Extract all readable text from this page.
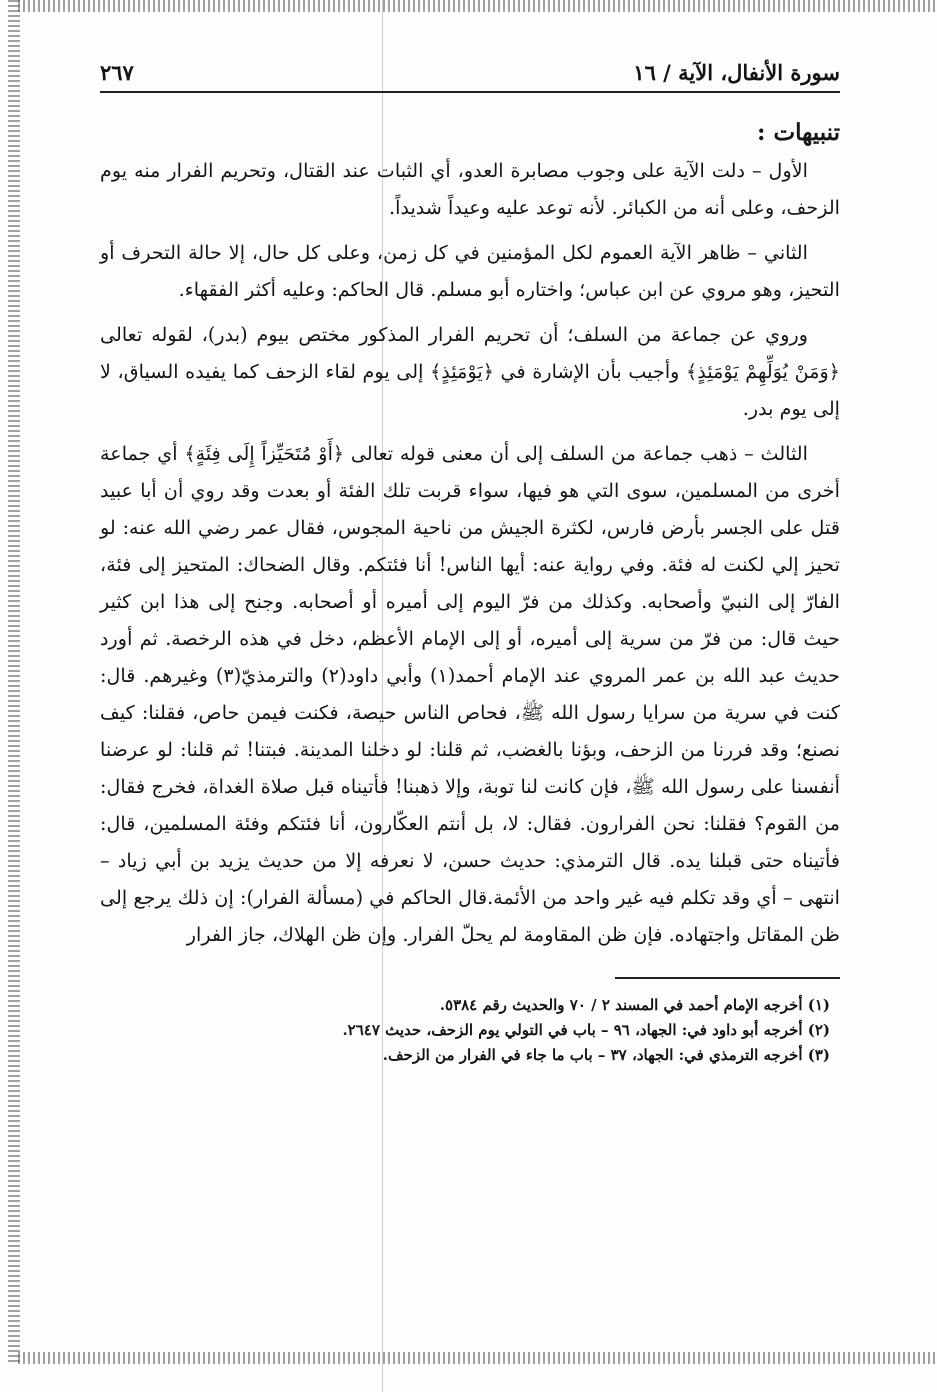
سورة الأنفال، الآية / ١٦
٢٦٧
تنبيهات :

الأول – دلت الآية على وجوب مصابرة العدو، أي الثبات عند القتال، وتحريم الفرار منه يوم الزحف، وعلى أنه من الكبائر. لأنه توعد عليه وعيداً شديداً.

الثاني – ظاهر الآية العموم لكل المؤمنين في كل زمن، وعلى كل حال، إلا حالة التحرف أو التحيز، وهو مروي عن ابن عباس؛ واختاره أبو مسلم. قال الحاكم: وعليه أكثر الفقهاء.

وروي عن جماعة من السلف؛ أن تحريم الفرار المذكور مختص بيوم (بدر)، لقوله تعالى ﴿وَمَنْ يُوَلِّهِمْ يَوْمَئِذٍ﴾ وأجيب بأن الإشارة في ﴿يَوْمَئِذٍ﴾ إلى يوم لقاء الزحف كما يفيده السياق، لا إلى يوم بدر.

الثالث – ذهب جماعة من السلف إلى أن معنى قوله تعالى ﴿أَوْ مُتَحَيِّزاً إِلَى فِئَةٍ﴾ أي جماعة أخرى من المسلمين، سوى التي هو فيها، سواء قربت تلك الفئة أو بعدت وقد روي أن أبا عبيد قتل على الجسر بأرض فارس، لكثرة الجيش من ناحية المجوس، فقال عمر رضي الله عنه: لو تحيز إلي لكنت له فئة. وفي رواية عنه: أيها الناس! أنا فئتكم. وقال الضحاك: المتحيز إلى فئة، الفارّ إلى النبيّ وأصحابه. وكذلك من فرّ اليوم إلى أميره أو أصحابه. وجنح إلى هذا ابن كثير حيث قال: من فرّ من سرية إلى أميره، أو إلى الإمام الأعظم، دخل في هذه الرخصة. ثم أورد حديث عبد الله بن عمر المروي عند الإمام أحمد(١) وأبي داود(٢) والترمذيّ(٣) وغيرهم. قال: كنت في سرية من سرايا رسول الله ﷺ، فحاص الناس حيصة، فكنت فيمن حاص، فقلنا: كيف نصنع؛ وقد فررنا من الزحف، وبؤنا بالغضب، ثم قلنا: لو دخلنا المدينة. فبتنا! ثم قلنا: لو عرضنا أنفسنا على رسول الله ﷺ، فإن كانت لنا توبة، وإلا ذهبنا! فأتيناه قبل صلاة الغداة، فخرج فقال: من القوم؟ فقلنا: نحن الفرارون. فقال: لا، بل أنتم العكّارون، أنا فئتكم وفئة المسلمين، قال: فأتيناه حتى قبلنا يده. قال الترمذي: حديث حسن، لا نعرفه إلا من حديث يزيد بن أبي زياد – انتهى – أي وقد تكلم فيه غير واحد من الأئمة.قال الحاكم في (مسألة الفرار): إن ذلك يرجع إلى ظن المقاتل واجتهاده. فإن ظن المقاومة لم يحلّ الفرار. وإن ظن الهلاك، جاز الفرار

(١) أخرجه الإمام أحمد في المسند ٢ / ٧٠ والحديث رقم ٥٣٨٤.
(٢) أخرجه أبو داود في: الجهاد، ٩٦ – باب في التولي يوم الزحف، حديث ٢٦٤٧.
(٣) أخرجه الترمذي في: الجهاد، ٣٧ – باب ما جاء في الفرار من الزحف.
